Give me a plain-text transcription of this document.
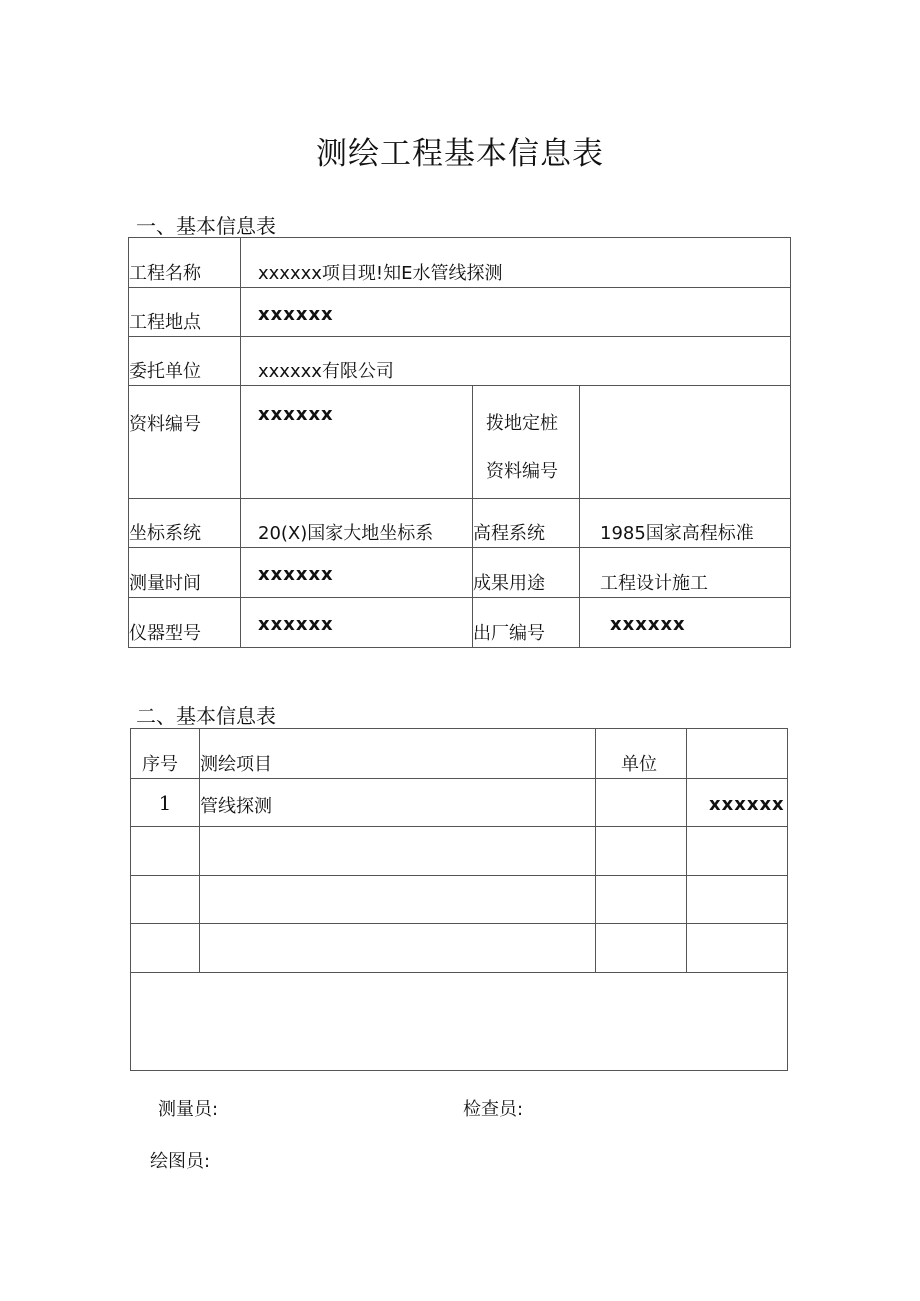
测绘工程基本信息表
一、基本信息表
工程名称	xxxxxx项目现!知E水管线探测		
工程地点	xxxxxx		
委托单位	xxxxxx有限公司		
资料编号	xxxxxx	拨地定桩
资料编号	

坐标系统	20(X)国家大地坐标系	高程系统	1985国家高程标准
测量时间	xxxxxx	成果用途	工程设计施工
仪器型号	xxxxxx	出厂编号	xxxxxx
二、基本信息表
序号	测绘项目	单位	
1	管线探测		xxxxxx

测量员:	检查员:
绘图员:
